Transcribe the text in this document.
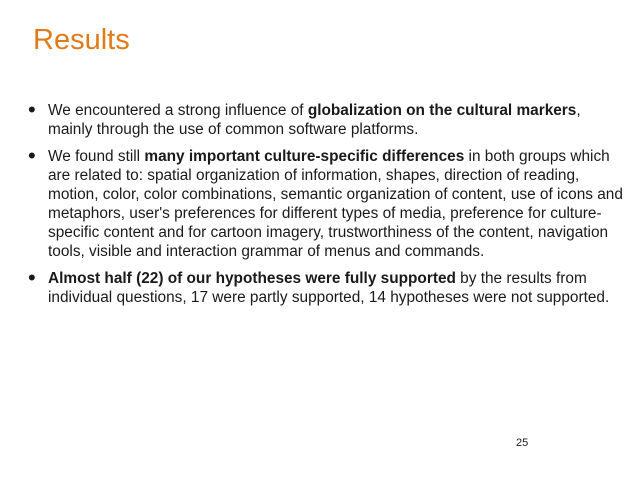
Results
• We encountered a strong influence of globalization on the cultural markers, mainly through the use of common software platforms.
• We found still many important culture-specific differences in both groups which are related to: spatial organization of information, shapes, direction of reading, motion, color, color combinations, semantic organization of content, use of icons and metaphors, user's preferences for different types of media, preference for culture-specific content and for cartoon imagery, trustworthiness of the content, navigation tools, visible and interaction grammar of menus and commands.
• Almost half (22) of our hypotheses were fully supported by the results from individual questions, 17 were partly supported, 14 hypotheses were not supported.
25
